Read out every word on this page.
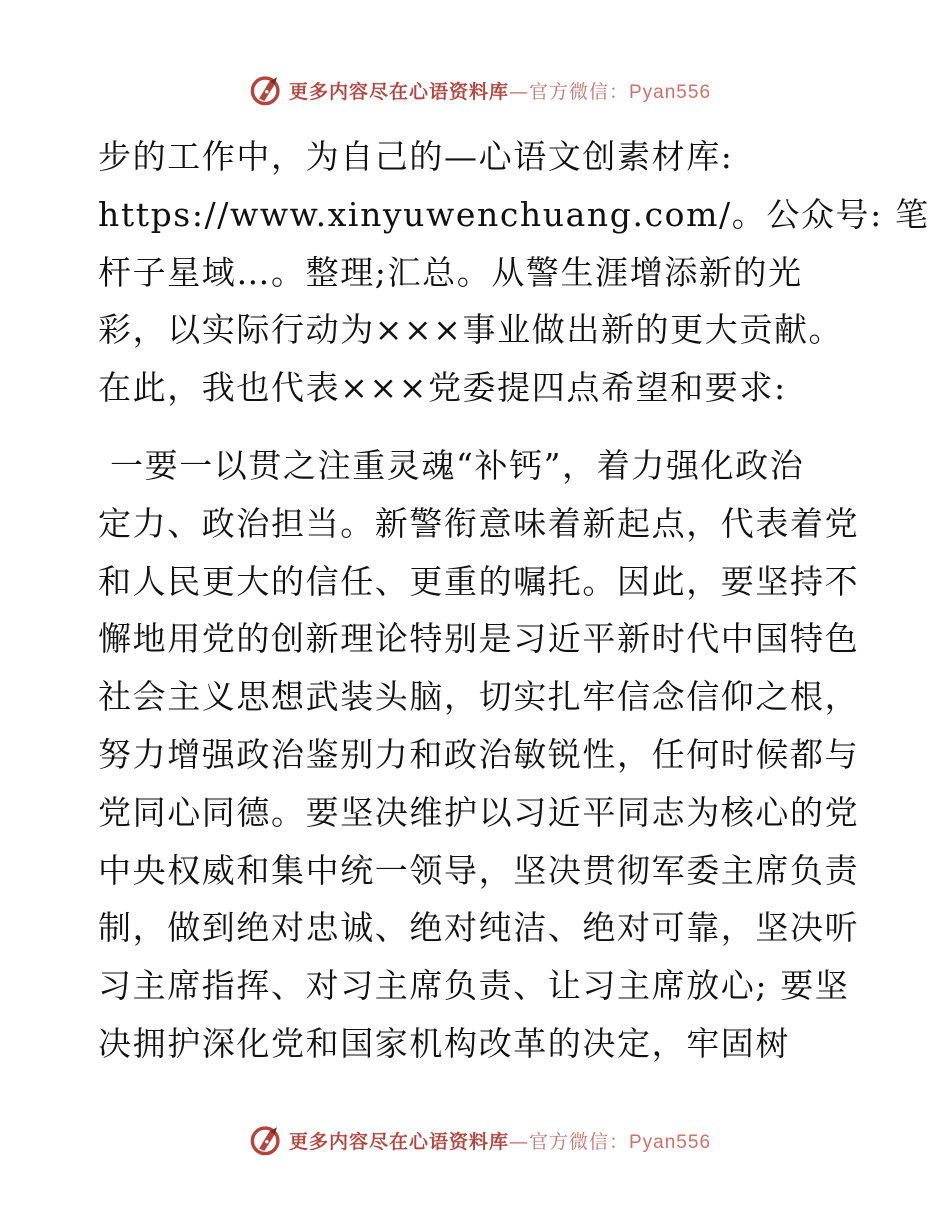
更多内容尽在心语资料库—官方微信：Pyan556
步的工作中，为自己的—心语文创素材库:
https://www.xinyuwenchuang.com/。公众号: 笔
杆子星域…。整理;汇总。从警生涯增添新的光
彩，以实际行动为×××事业做出新的更大贡献。
在此，我也代表×××党委提四点希望和要求:
一要一以贯之注重灵魂“补钙”，着力强化政治
定力、政治担当。新警衔意味着新起点，代表着党
和人民更大的信任、更重的嘱托。因此，要坚持不
懈地用党的创新理论特别是习近平新时代中国特色
社会主义思想武装头脑，切实扎牢信念信仰之根，
努力增强政治鉴别力和政治敏锐性，任何时候都与
党同心同德。要坚决维护以习近平同志为核心的党
中央权威和集中统一领导，坚决贯彻军委主席负责
制，做到绝对忠诚、绝对纯洁、绝对可靠，坚决听
习主席指挥、对习主席负责、让习主席放心; 要坚
决拥护深化党和国家机构改革的决定，牢固树
更多内容尽在心语资料库—官方微信：Pyan556
